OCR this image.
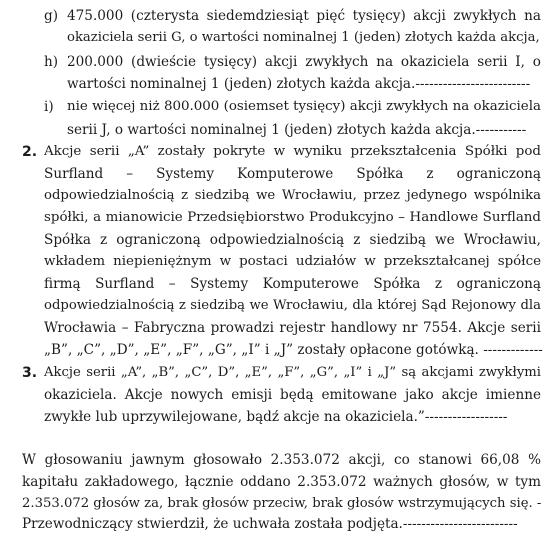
g) 475.000 (czterysta siedemdziesiąt pięć tysięcy) akcji zwykłych na
okaziciela serii G, o wartości nominalnej 1 (jeden) złotych każda akcja,
h) 200.000 (dwieście tysięcy) akcji zwykłych na okaziciela serii I, o
wartości nominalnej 1 (jeden) złotych każda akcja.-------------------------
i) nie więcej niż 800.000 (osiemset tysięcy) akcji zwykłych na okaziciela
serii J, o wartości nominalnej 1 (jeden) złotych każda akcja.-----------
2. Akcje serii „A” zostały pokryte w wyniku przekształcenia Spółki pod
Surfland – Systemy Komputerowe Spółka z ograniczoną
odpowiedzialnością z siedzibą we Wrocławiu, przez jedynego wspólnika
spółki, a mianowicie Przedsiębiorstwo Produkcyjno – Handlowe Surfland
Spółka z ograniczoną odpowiedzialnością z siedzibą we Wrocławiu,
wkładem niepieniężnym w postaci udziałów w przekształcanej spółce
firmą Surfland – Systemy Komputerowe Spółka z ograniczoną
odpowiedzialnością z siedzibą we Wrocławiu, dla której Sąd Rejonowy dla
Wrocławia – Fabryczna prowadzi rejestr handlowy nr 7554. Akcje serii
„B”, „C”, „D”, „E”, „F”, „G”, „I” i „J” zostały opłacone gotówką. -------------
3. Akcje serii „A”, „B”, „C”, D”, „E”, „F”, „G”, „I” i „J” są akcjami zwykłymi
okaziciela. Akcje nowych emisji będą emitowane jako akcje imienne
zwykłe lub uprzywilejowane, bądź akcje na okaziciela.”------------------
W głosowaniu jawnym głosowało 2.353.072 akcji, co stanowi 66,08 %
kapitału zakładowego, łącznie oddano 2.353.072 ważnych głosów, w tym
2.353.072 głosów za, brak głosów przeciw, brak głosów wstrzymujących się. -
Przewodniczący stwierdził, że uchwała została podjęta.-------------------------
